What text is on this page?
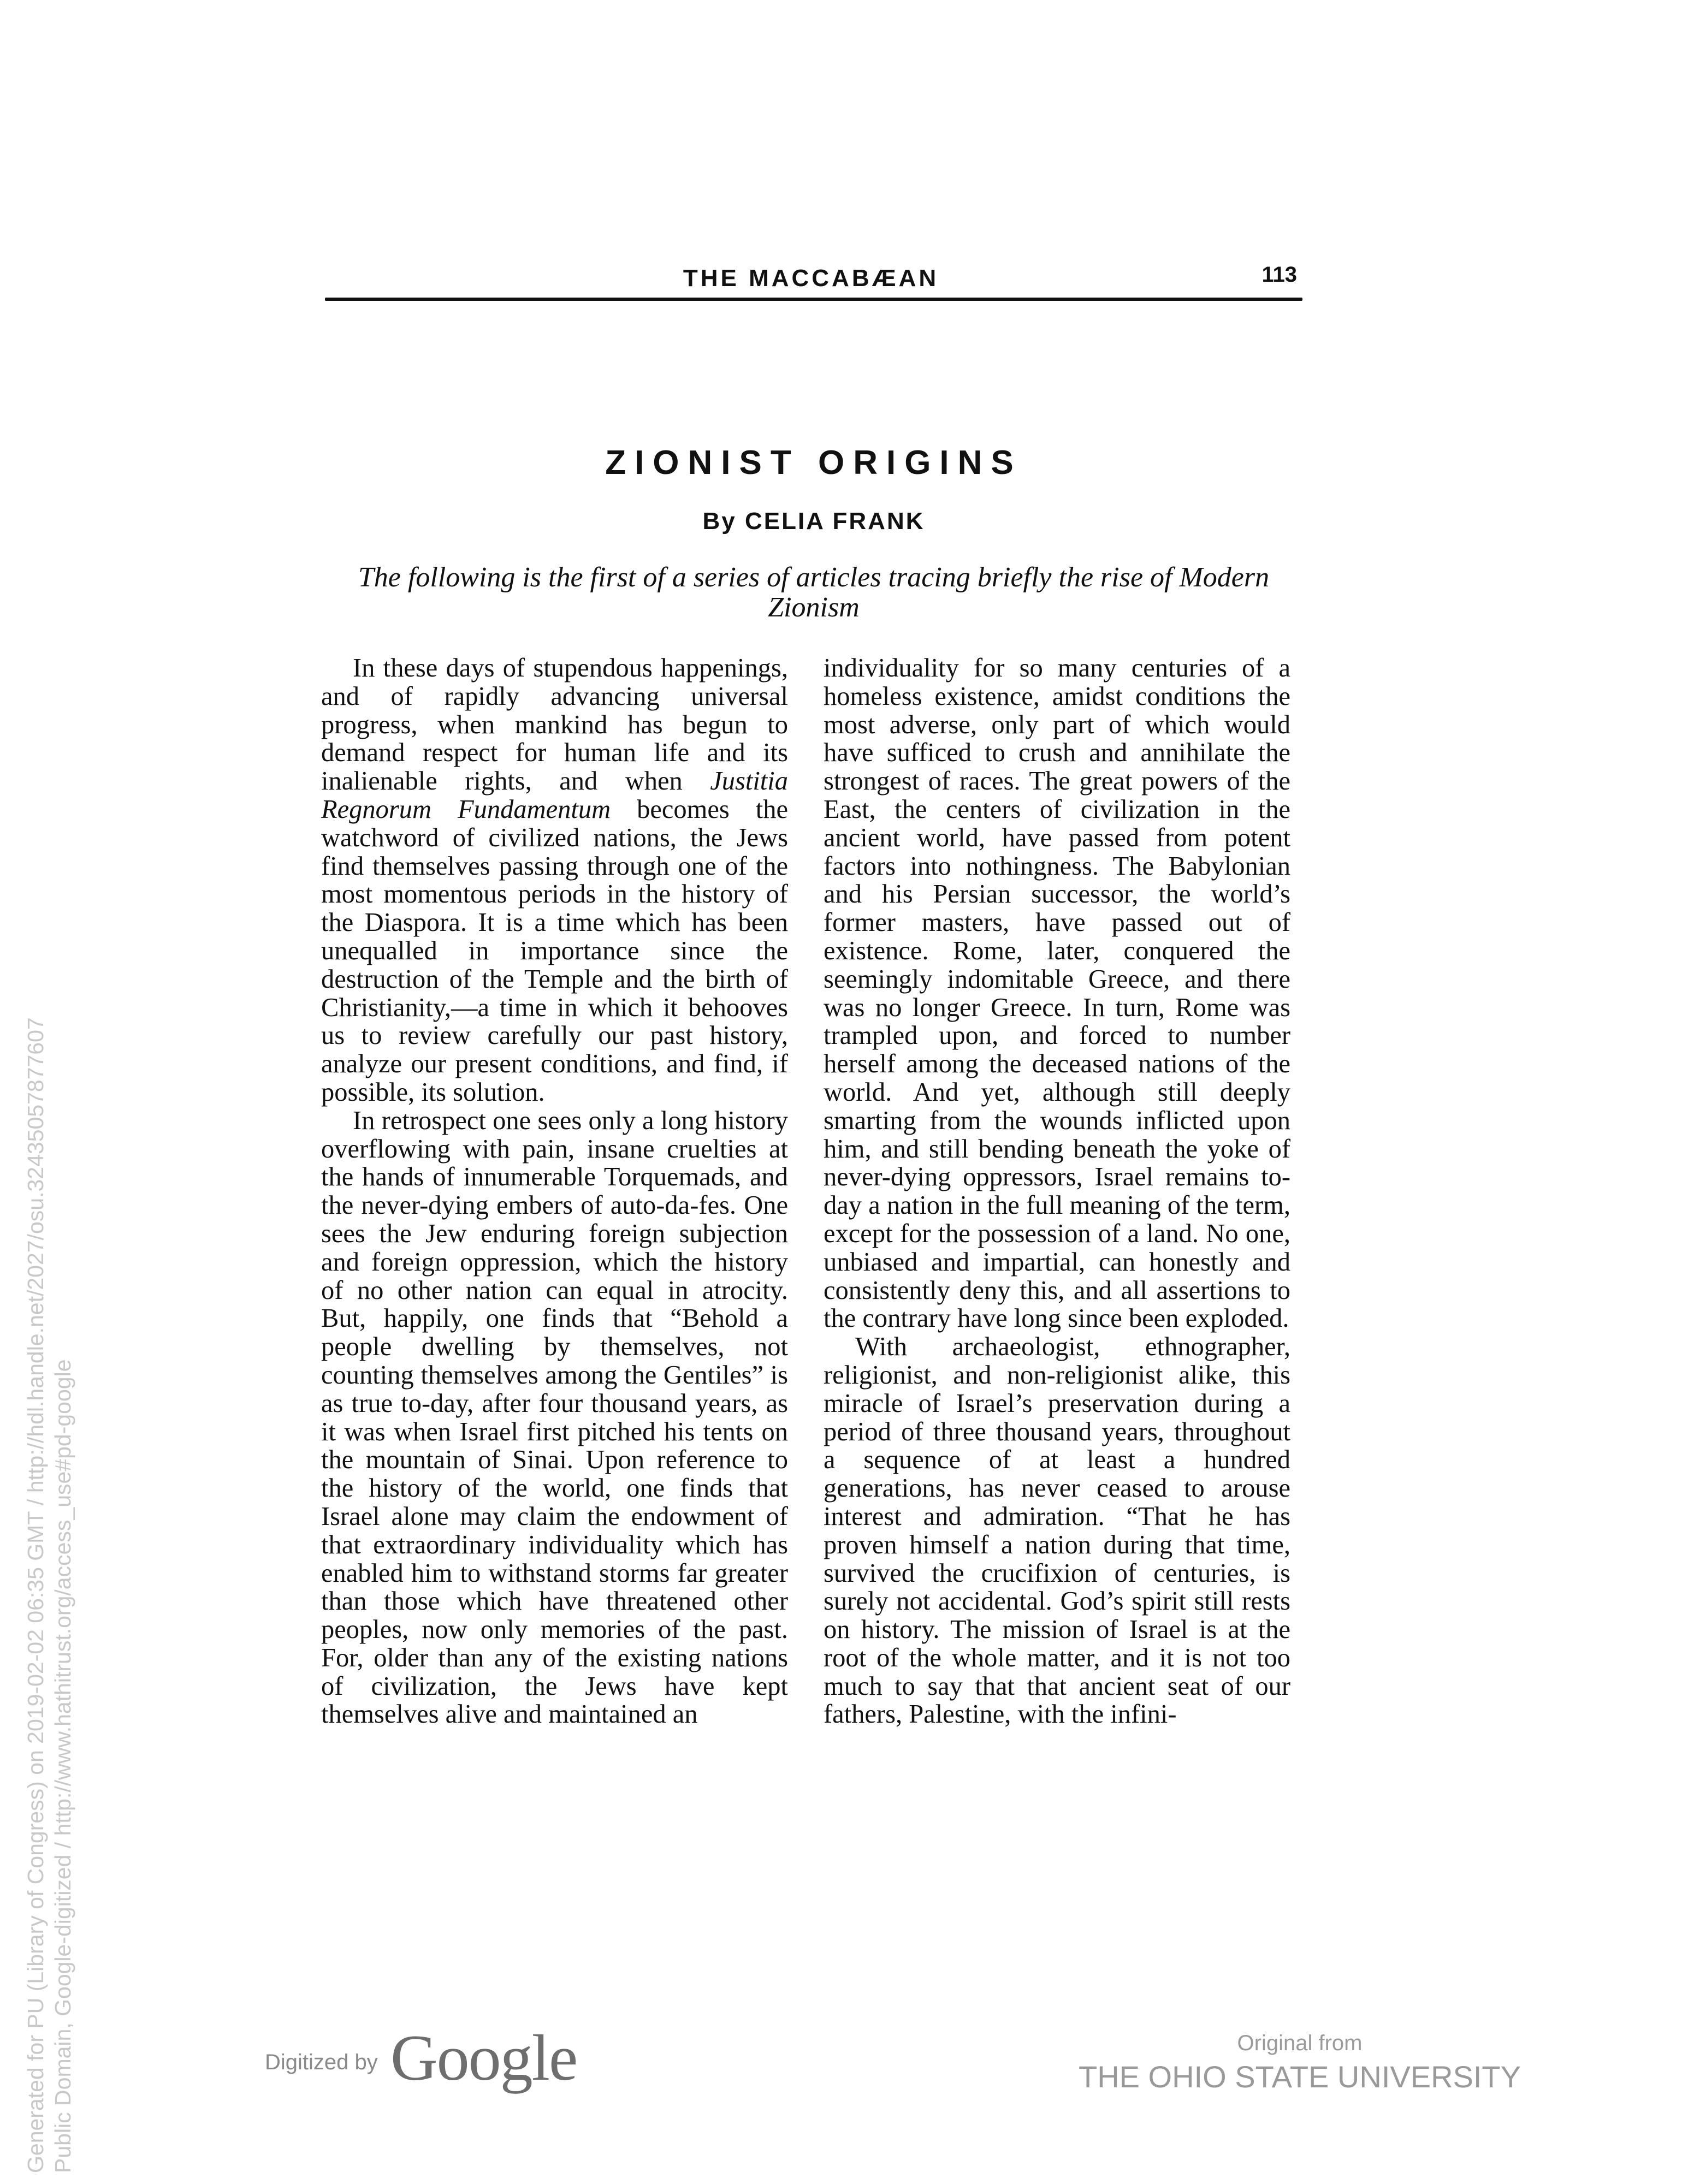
THE MACCABÆAN	113
ZIONIST ORIGINS
By CELIA FRANK
The following is the first of a series of articles tracing briefly the rise of Modern Zionism

In these days of stupendous happenings, and of rapidly advancing universal progress, when mankind has begun to demand respect for human life and its inalienable rights, and when Justitia Regnorum Fundamentum becomes the watchword of civilized nations, the Jews find themselves passing through one of the most momentous periods in the history of the Diaspora. It is a time which has been unequalled in importance since the destruction of the Temple and the birth of Christianity,—a time in which it behooves us to review carefully our past history, analyze our present conditions, and find, if possible, its solution.

In retrospect one sees only a long history overflowing with pain, insane cruelties at the hands of innumerable Torquemads, and the never-dying embers of auto-da-fes. One sees the Jew enduring foreign subjection and foreign oppression, which the history of no other nation can equal in atrocity. But, happily, one finds that “Behold a people dwelling by themselves, not counting themselves among the Gentiles” is as true to-day, after four thousand years, as it was when Israel first pitched his tents on the mountain of Sinai. Upon reference to the history of the world, one finds that Israel alone may claim the endowment of that extraordinary individuality which has enabled him to withstand storms far greater than those which have threatened other peoples, now only memories of the past. For, older than any of the existing nations of civilization, the Jews have kept themselves alive and maintained an

individuality for so many centuries of a homeless existence, amidst conditions the most adverse, only part of which would have sufficed to crush and annihilate the strongest of races. The great powers of the East, the centers of civilization in the ancient world, have passed from potent factors into nothingness. The Babylonian and his Persian successor, the world’s former masters, have passed out of existence. Rome, later, conquered the seemingly indomitable Greece, and there was no longer Greece. In turn, Rome was trampled upon, and forced to number herself among the deceased nations of the world. And yet, although still deeply smarting from the wounds inflicted upon him, and still bending beneath the yoke of never-dying oppressors, Israel remains to-day a nation in the full meaning of the term, except for the possession of a land. No one, unbiased and impartial, can honestly and consistently deny this, and all assertions to the contrary have long since been exploded.

With archaeologist, ethnographer, religionist, and non-religionist alike, this miracle of Israel’s preservation during a period of three thousand years, throughout a sequence of at least a hundred generations, has never ceased to arouse interest and admiration. “That he has proven himself a nation during that time, survived the crucifixion of centuries, is surely not accidental. God’s spirit still rests on history. The mission of Israel is at the root of the whole matter, and it is not too much to say that that ancient seat of our fathers, Palestine, with the infini-

Digitized by Google	Original from
THE OHIO STATE UNIVERSITY
Generated for PU (Library of Congress) on 2019-02-02 06:35 GMT / http://hdl.handle.net/2027/osu.32435057877607 Public Domain, Google-digitized / http://www.hathitrust.org/access_use#pd-google
